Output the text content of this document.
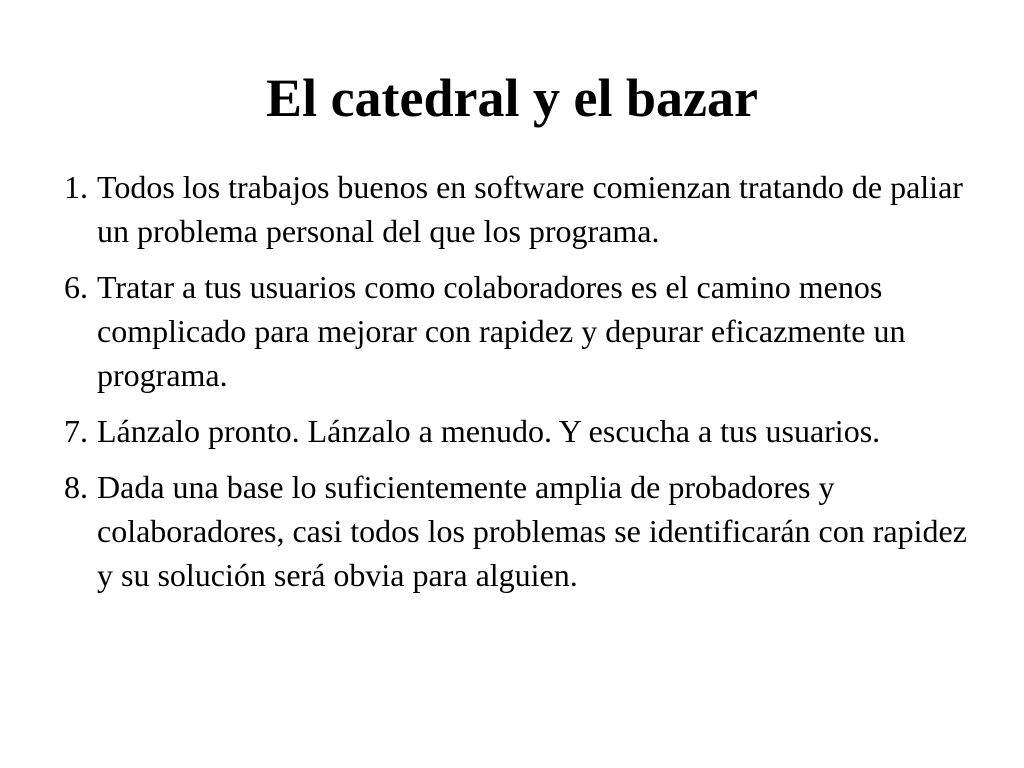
El catedral y el bazar
1. Todos los trabajos buenos en software comienzan tratando de paliar un problema personal del que los programa.
6. Tratar a tus usuarios como colaboradores es el camino menos complicado para mejorar con rapidez y depurar eficazmente un programa.
7. Lánzalo pronto. Lánzalo a menudo. Y escucha a tus usuarios.
8. Dada una base lo suficientemente amplia de probadores y colaboradores, casi todos los problemas se identificarán con rapidez y su solución será obvia para alguien.
